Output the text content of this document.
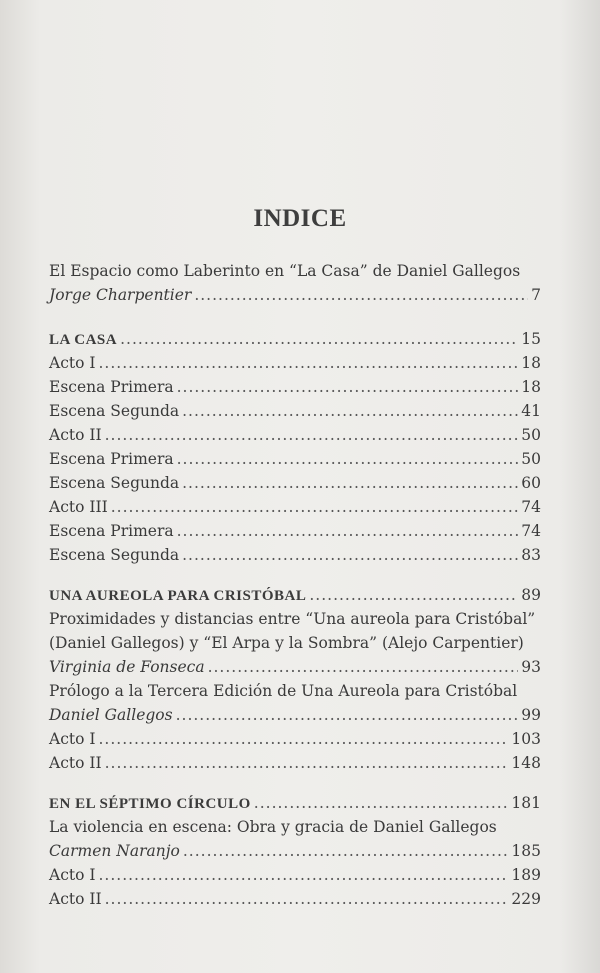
INDICE
El Espacio como Laberinto en “La Casa” de Daniel Gallegos
Jorge Charpentier .....	7
LA CASA .....	15
Acto I .....	18
Escena Primera .....	18
Escena Segunda .....	41
Acto II .....	50
Escena Primera .....	50
Escena Segunda .....	60
Acto III .....	74
Escena Primera .....	74
Escena Segunda .....	83
UNA AUREOLA PARA CRISTÓBAL .....	89
Proximidades y distancias entre “Una aureola para Cristóbal”
(Daniel Gallegos) y “El Arpa y la Sombra” (Alejo Carpentier)
Virginia de Fonseca .....	93
Prólogo a la Tercera Edición de Una Aureola para Cristóbal
Daniel Gallegos .....	99
Acto I .....	103
Acto II .....	148
EN EL SÉPTIMO CÍRCULO .....	181
La violencia en escena: Obra y gracia de Daniel Gallegos
Carmen Naranjo .....	185
Acto I .....	189
Acto II .....	229
